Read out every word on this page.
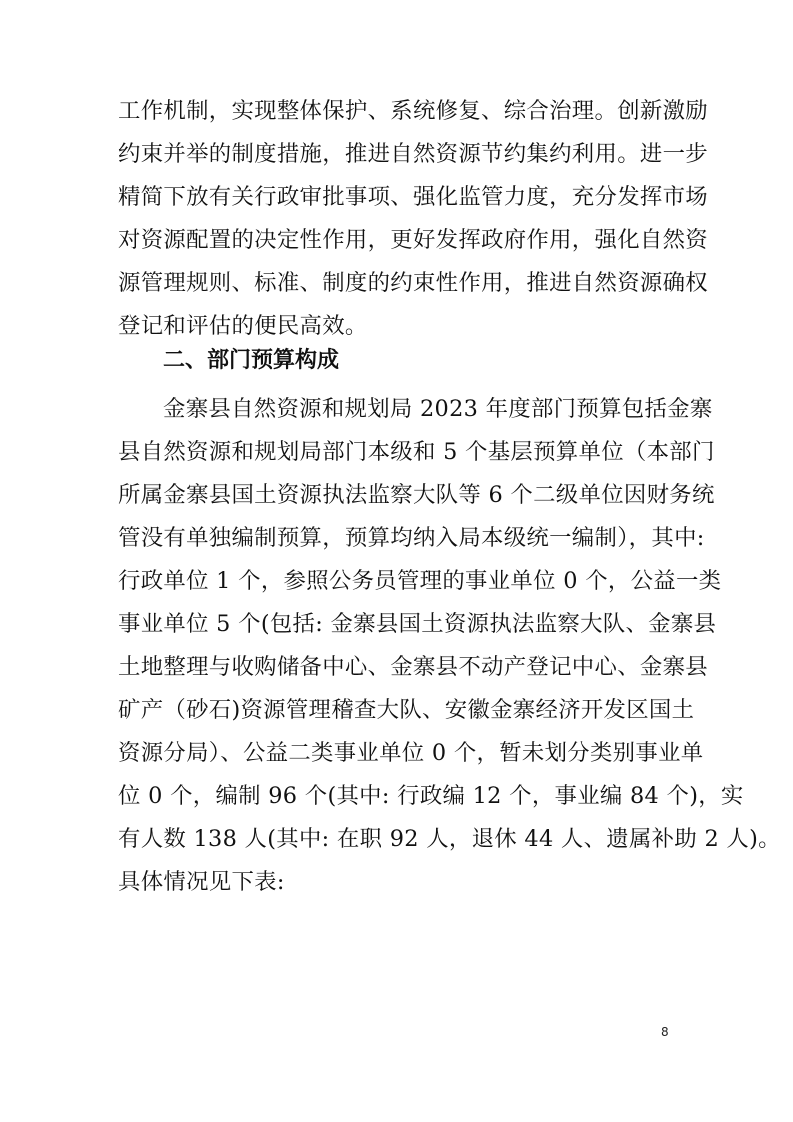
工作机制，实现整体保护、系统修复、综合治理。创新激励
约束并举的制度措施，推进自然资源节约集约利用。进一步
精简下放有关行政审批事项、强化监管力度，充分发挥市场
对资源配置的决定性作用，更好发挥政府作用，强化自然资
源管理规则、标准、制度的约束性作用，推进自然资源确权
登记和评估的便民高效。
二、部门预算构成
金寨县自然资源和规划局 2023 年度部门预算包括金寨
县自然资源和规划局部门本级和 5 个基层预算单位（本部门
所属金寨县国土资源执法监察大队等 6 个二级单位因财务统
管没有单独编制预算，预算均纳入局本级统一编制），其中:
行政单位 1 个，参照公务员管理的事业单位 0 个，公益一类
事业单位 5 个(包括: 金寨县国土资源执法监察大队、金寨县
土地整理与收购储备中心、金寨县不动产登记中心、金寨县
矿产（砂石)资源管理稽查大队、安徽金寨经济开发区国土
资源分局）、公益二类事业单位 0 个，暂未划分类别事业单
位 0 个，编制 96 个(其中: 行政编 12 个，事业编 84 个)，实
有人数 138 人(其中: 在职 92 人，退休 44 人、遗属补助 2 人)。
具体情况见下表:
8
